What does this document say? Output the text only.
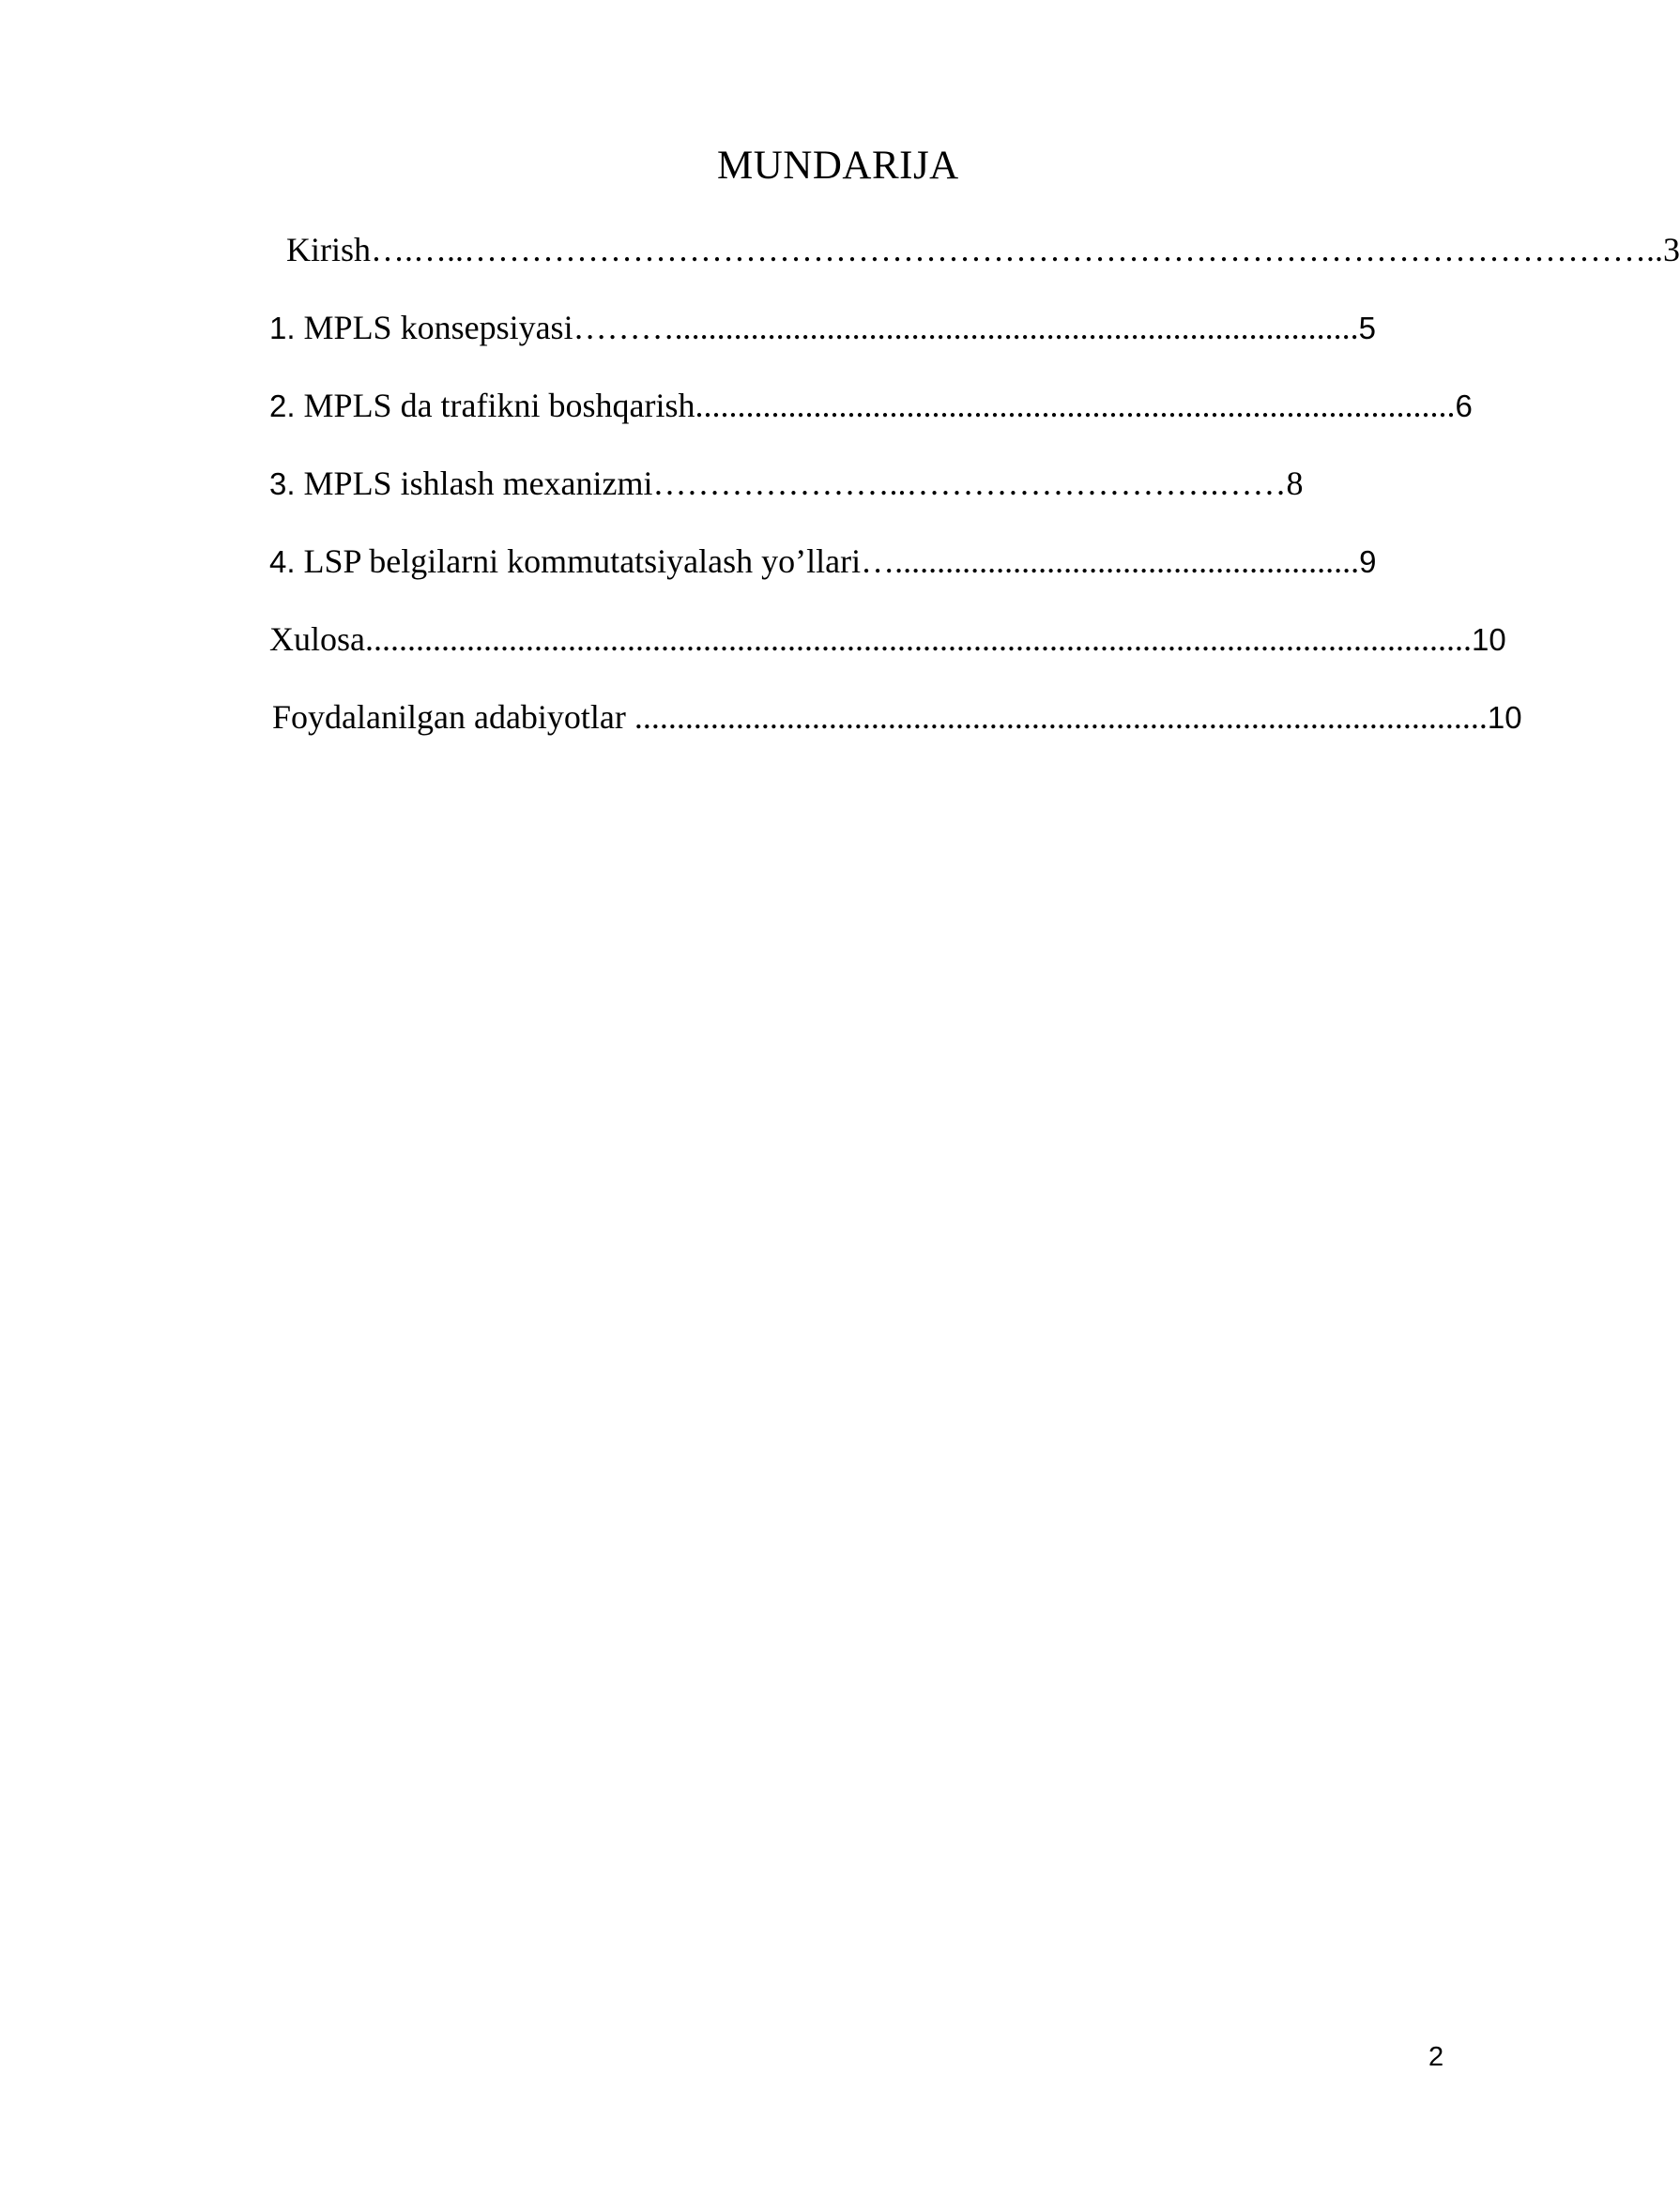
MUNDARIJA
Kirish….…..……………………………………………………………………………………………..3
1. MPLS konsepsiyasi……….................................................................................5
2. MPLS da trafikni boshqarish..........................................................................................6
3. MPLS ishlash mexanizmi…………………..……………………….……8
4. LSP belgilarni kommutatsiyalash yo’llari….......................................................9
Xulosa...................................................................................................................................10
Foydalanilgan adabiyotlar .....................................................................................................10
2
